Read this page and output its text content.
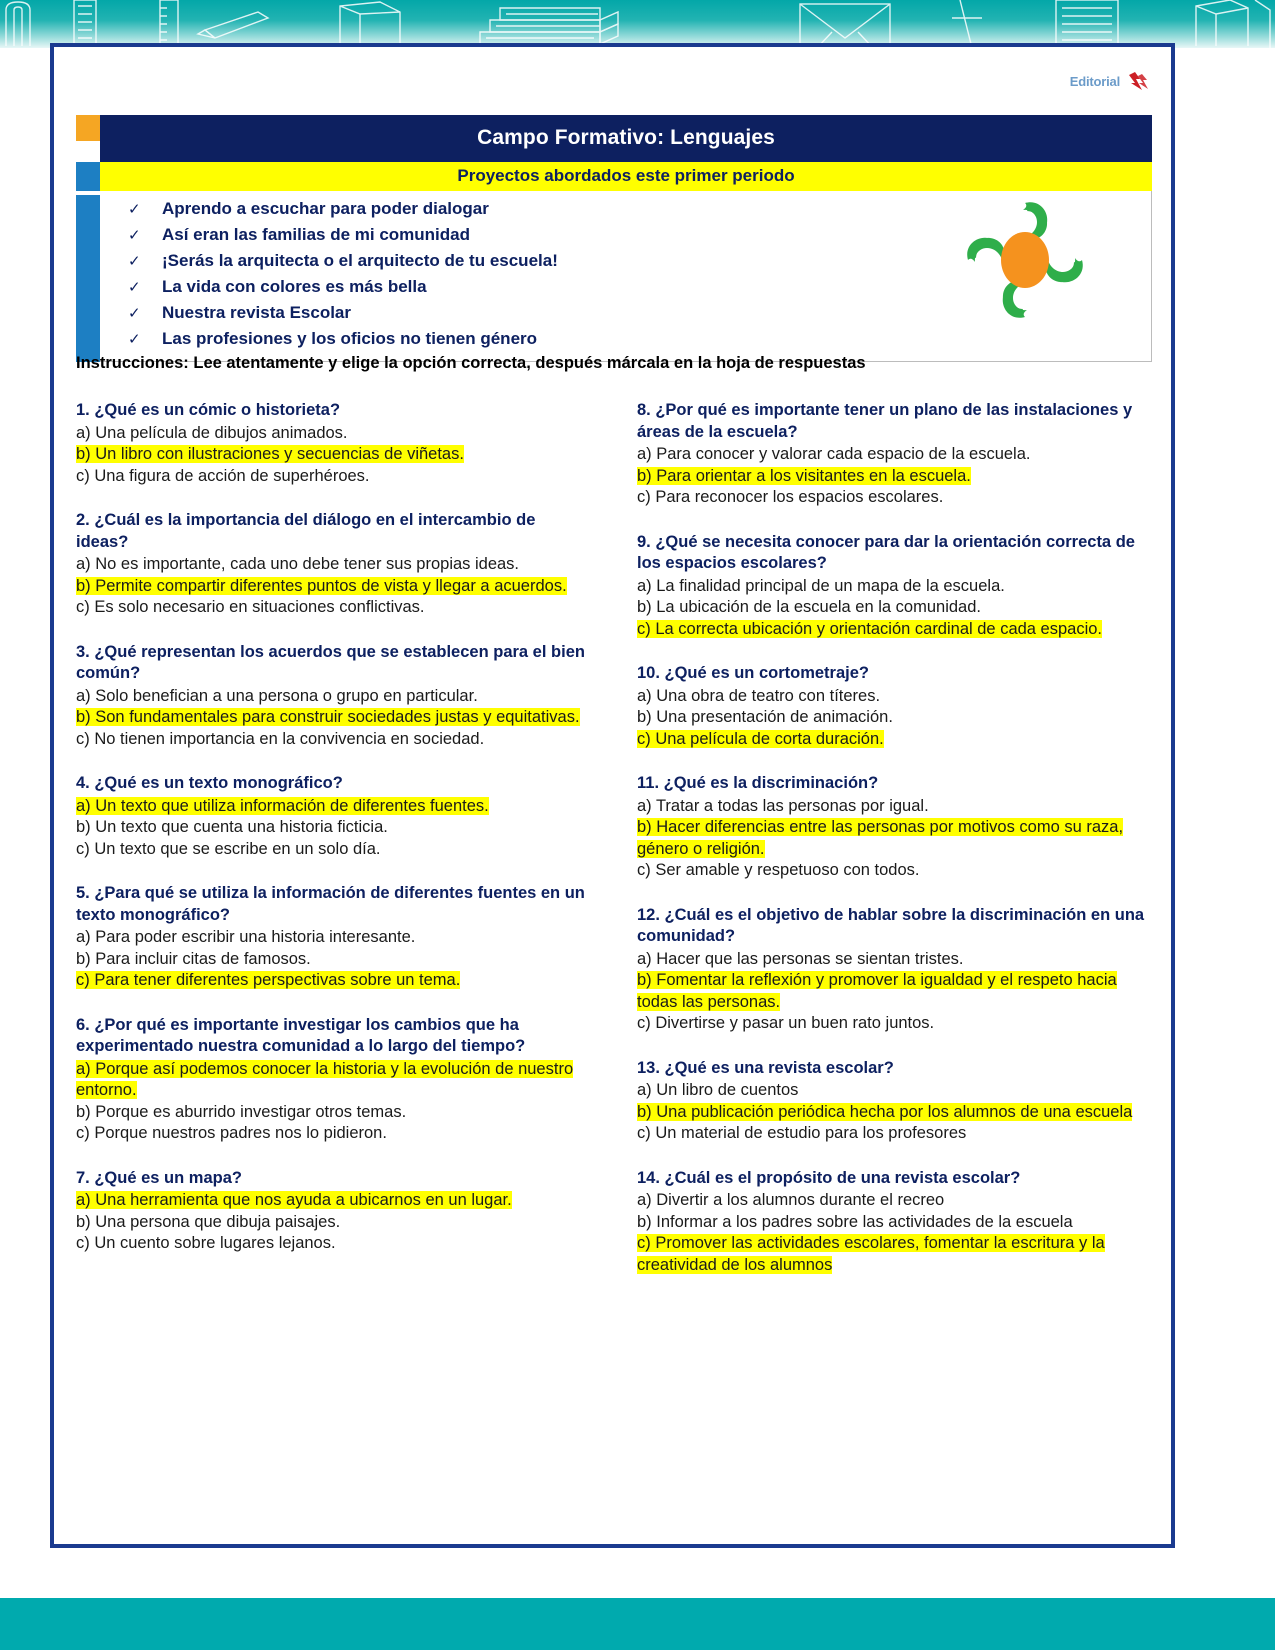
Editorial
Campo Formativo: Lenguajes
Proyectos abordados este primer periodo
✓	Aprendo a escuchar para poder dialogar
✓	Así eran las familias de mi comunidad
✓	¡Serás la arquitecta o el arquitecto de tu escuela!
✓	La vida con colores es más bella
✓	Nuestra revista Escolar
✓	Las profesiones y los oficios no tienen género
Instrucciones: Lee atentamente y elige la opción correcta, después márcala en la hoja de respuestas

1. ¿Qué es un cómic o historieta?

a) Una película de dibujos animados.

b) Un libro con ilustraciones y secuencias de viñetas.

c) Una figura de acción de superhéroes.

2. ¿Cuál es la importancia del diálogo en el intercambio de ideas?

a) No es importante, cada uno debe tener sus propias ideas.

b) Permite compartir diferentes puntos de vista y llegar a acuerdos.

c) Es solo necesario en situaciones conflictivas.

3. ¿Qué representan los acuerdos que se establecen para el bien común?

a) Solo benefician a una persona o grupo en particular.

b) Son fundamentales para construir sociedades justas y equitativas.

c) No tienen importancia en la convivencia en sociedad.

4. ¿Qué es un texto monográfico?

a) Un texto que utiliza información de diferentes fuentes.

b) Un texto que cuenta una historia ficticia.

c) Un texto que se escribe en un solo día.

5. ¿Para qué se utiliza la información de diferentes fuentes en un texto monográfico?

a) Para poder escribir una historia interesante.

b) Para incluir citas de famosos.

c) Para tener diferentes perspectivas sobre un tema.

6. ¿Por qué es importante investigar los cambios que ha experimentado nuestra comunidad a lo largo del tiempo?

a) Porque así podemos conocer la historia y la evolución de nuestro entorno.

b) Porque es aburrido investigar otros temas.

c) Porque nuestros padres nos lo pidieron.

7. ¿Qué es un mapa?

a) Una herramienta que nos ayuda a ubicarnos en un lugar.

b) Una persona que dibuja paisajes.

c) Un cuento sobre lugares lejanos.

8. ¿Por qué es importante tener un plano de las instalaciones y áreas de la escuela?

a) Para conocer y valorar cada espacio de la escuela.

b) Para orientar a los visitantes en la escuela.

c) Para reconocer los espacios escolares.

9. ¿Qué se necesita conocer para dar la orientación correcta de los espacios escolares?

a) La finalidad principal de un mapa de la escuela.

b) La ubicación de la escuela en la comunidad.

c) La correcta ubicación y orientación cardinal de cada espacio.

10. ¿Qué es un cortometraje?

a) Una obra de teatro con títeres.

b) Una presentación de animación.

c) Una película de corta duración.

11. ¿Qué es la discriminación?

a) Tratar a todas las personas por igual.

b) Hacer diferencias entre las personas por motivos como su raza, género o religión.

c) Ser amable y respetuoso con todos.

12. ¿Cuál es el objetivo de hablar sobre la discriminación en una comunidad?

a) Hacer que las personas se sientan tristes.

b) Fomentar la reflexión y promover la igualdad y el respeto hacia todas las personas.

c) Divertirse y pasar un buen rato juntos.

13. ¿Qué es una revista escolar?

a) Un libro de cuentos

b) Una publicación periódica hecha por los alumnos de una escuela

c) Un material de estudio para los profesores

14. ¿Cuál es el propósito de una revista escolar?

a) Divertir a los alumnos durante el recreo

b) Informar a los padres sobre las actividades de la escuela

c) Promover las actividades escolares, fomentar la escritura y la creatividad de los alumnos
